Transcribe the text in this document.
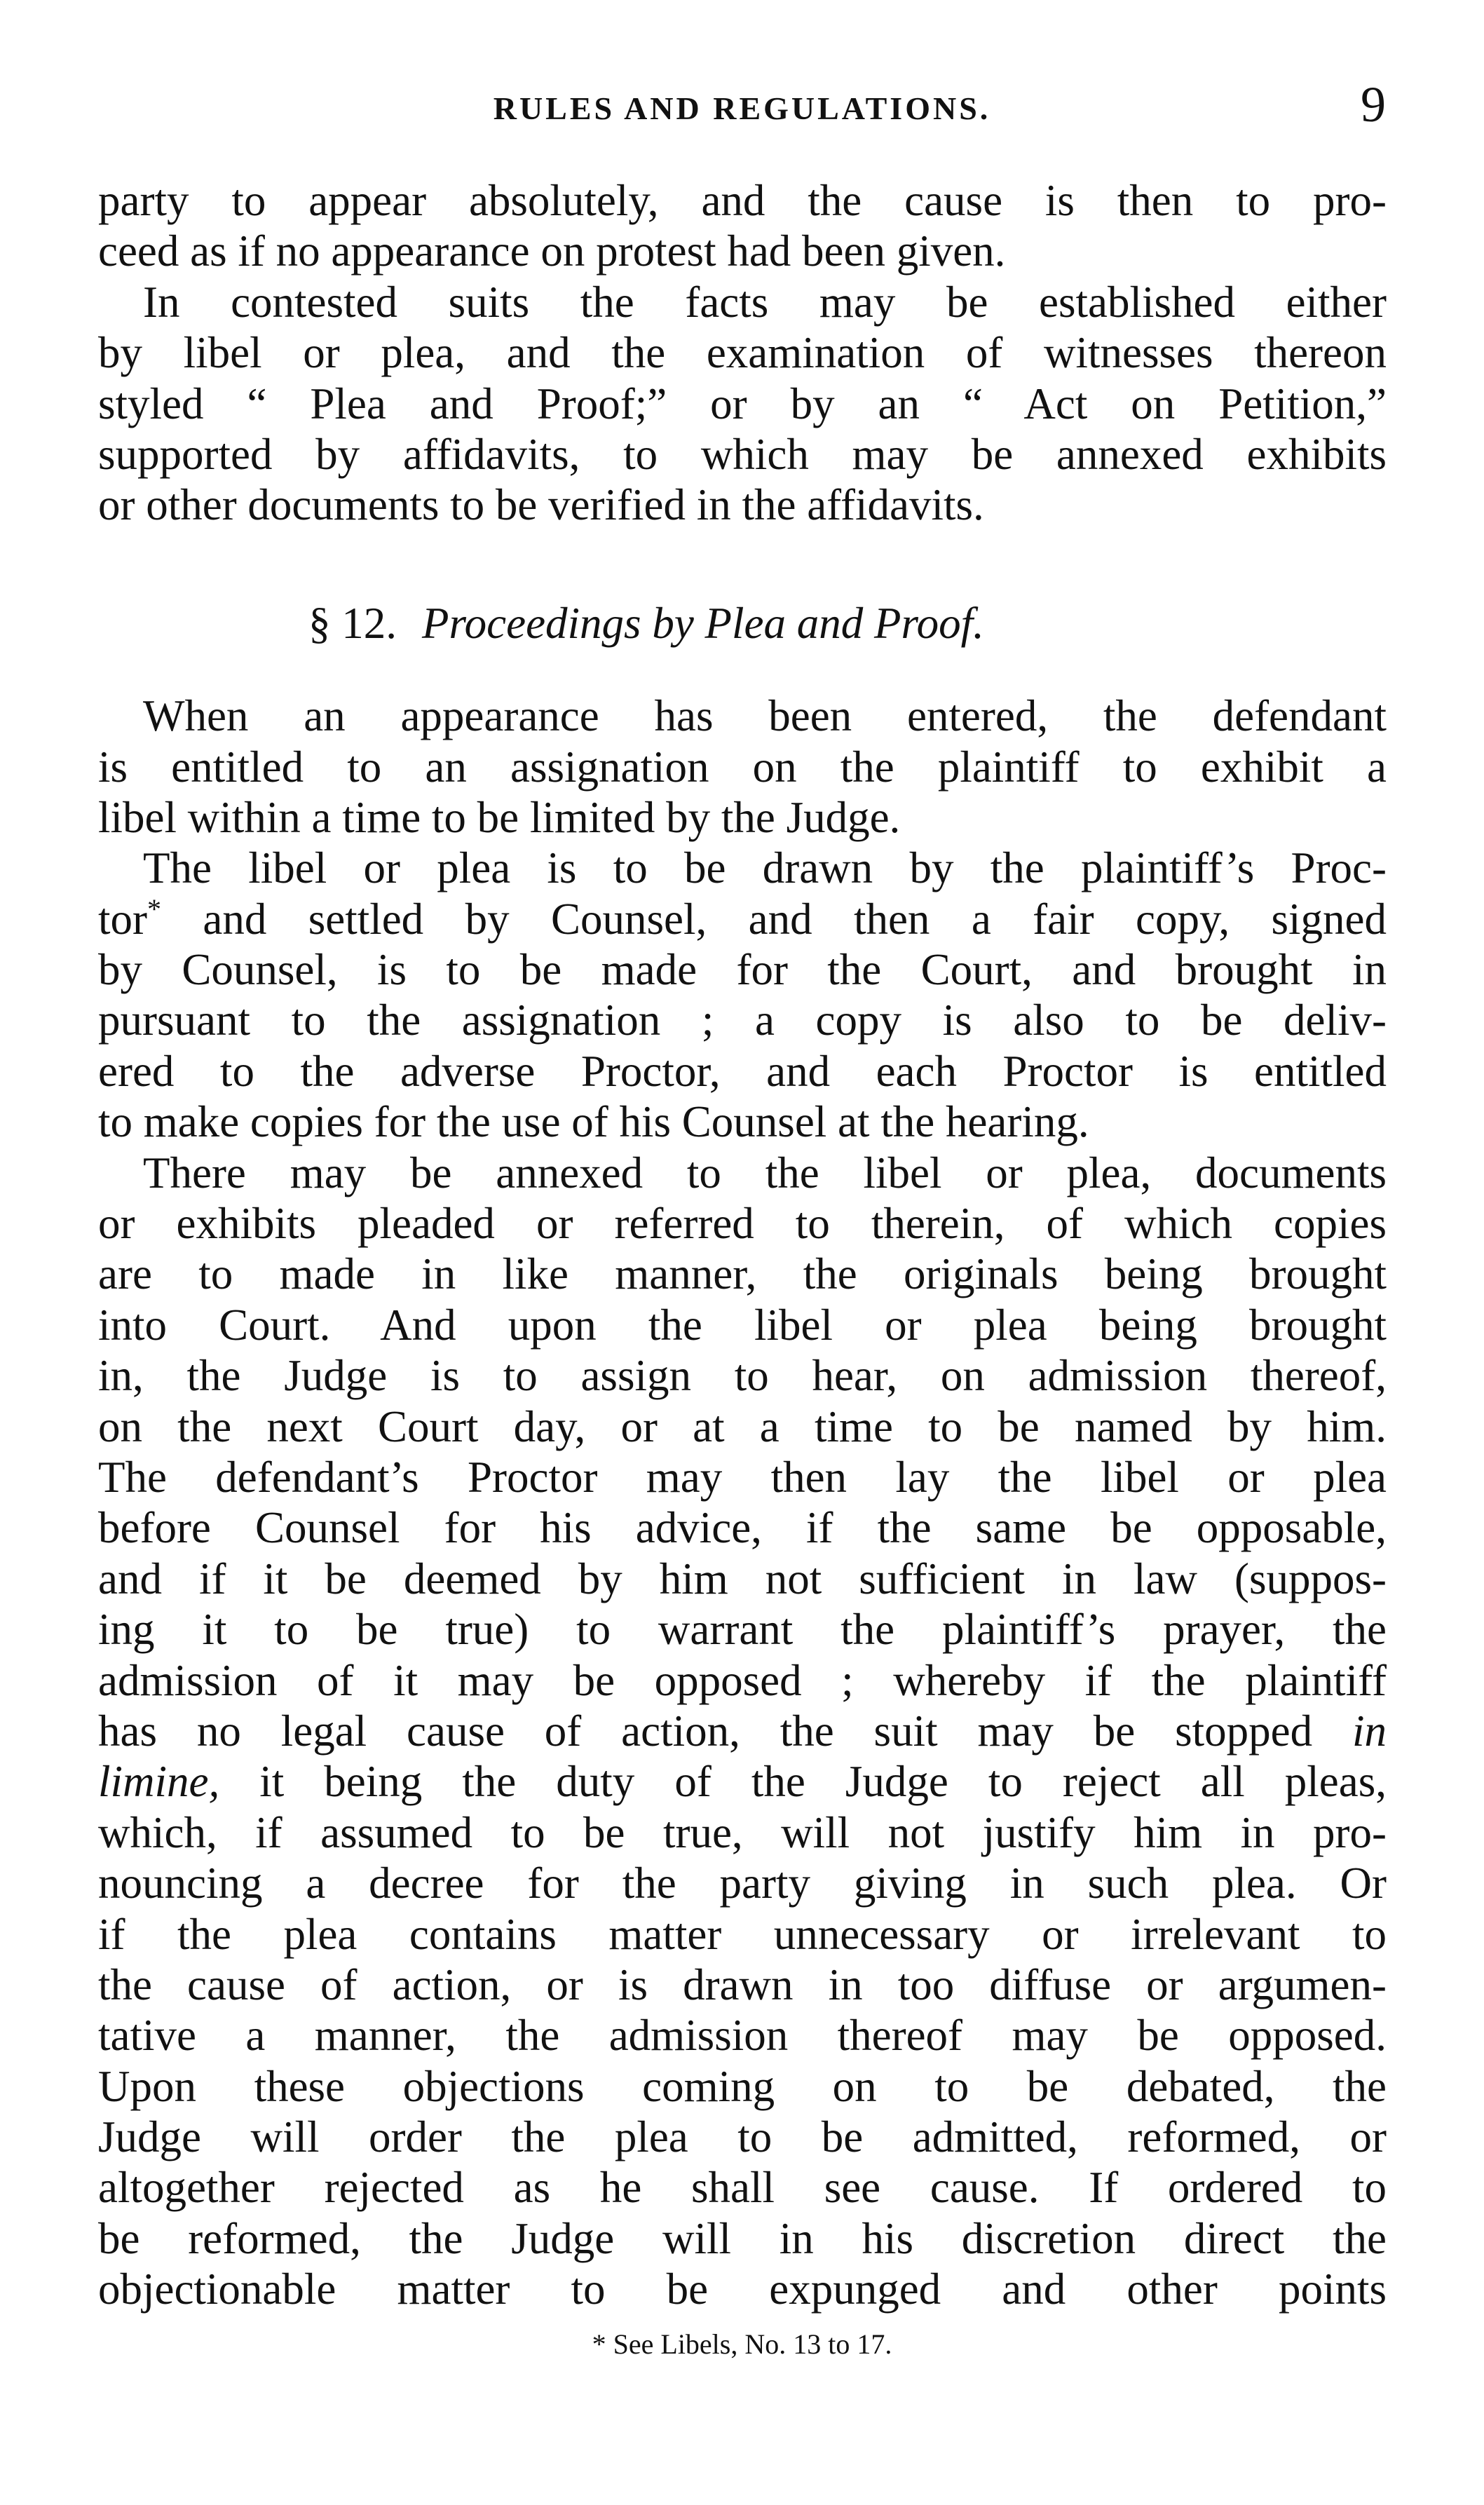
RULES AND REGULATIONS.	9
party to appear absolutely, and the cause is then to pro-
ceed as if no appearance on protest had been given.
In contested suits the facts may be established either
by libel or plea, and the examination of witnesses thereon
styled “ Plea and Proof;” or by an “ Act on Petition,”
supported by affidavits, to which may be annexed exhibits
or other documents to be verified in the affidavits.
§ 12. Proceedings by Plea and Proof.
When an appearance has been entered, the defendant
is entitled to an assignation on the plaintiff to exhibit a
libel within a time to be limited by the Judge.
The libel or plea is to be drawn by the plaintiff’s Proc-
tor* and settled by Counsel, and then a fair copy, signed
by Counsel, is to be made for the Court, and brought in
pursuant to the assignation ; a copy is also to be deliv-
ered to the adverse Proctor, and each Proctor is entitled
to make copies for the use of his Counsel at the hearing.
There may be annexed to the libel or plea, documents
or exhibits pleaded or referred to therein, of which copies
are to made in like manner, the originals being brought
into Court. And upon the libel or plea being brought
in, the Judge is to assign to hear, on admission thereof,
on the next Court day, or at a time to be named by him.
The defendant’s Proctor may then lay the libel or plea
before Counsel for his advice, if the same be opposable,
and if it be deemed by him not sufficient in law (suppos-
ing it to be true) to warrant the plaintiff’s prayer, the
admission of it may be opposed ; whereby if the plaintiff
has no legal cause of action, the suit may be stopped in
limine, it being the duty of the Judge to reject all pleas,
which, if assumed to be true, will not justify him in pro-
nouncing a decree for the party giving in such plea. Or
if the plea contains matter unnecessary or irrelevant to
the cause of action, or is drawn in too diffuse or argumen-
tative a manner, the admission thereof may be opposed.
Upon these objections coming on to be debated, the
Judge will order the plea to be admitted, reformed, or
altogether rejected as he shall see cause. If ordered to
be reformed, the Judge will in his discretion direct the
objectionable matter to be expunged and other points
* See Libels, No. 13 to 17.
